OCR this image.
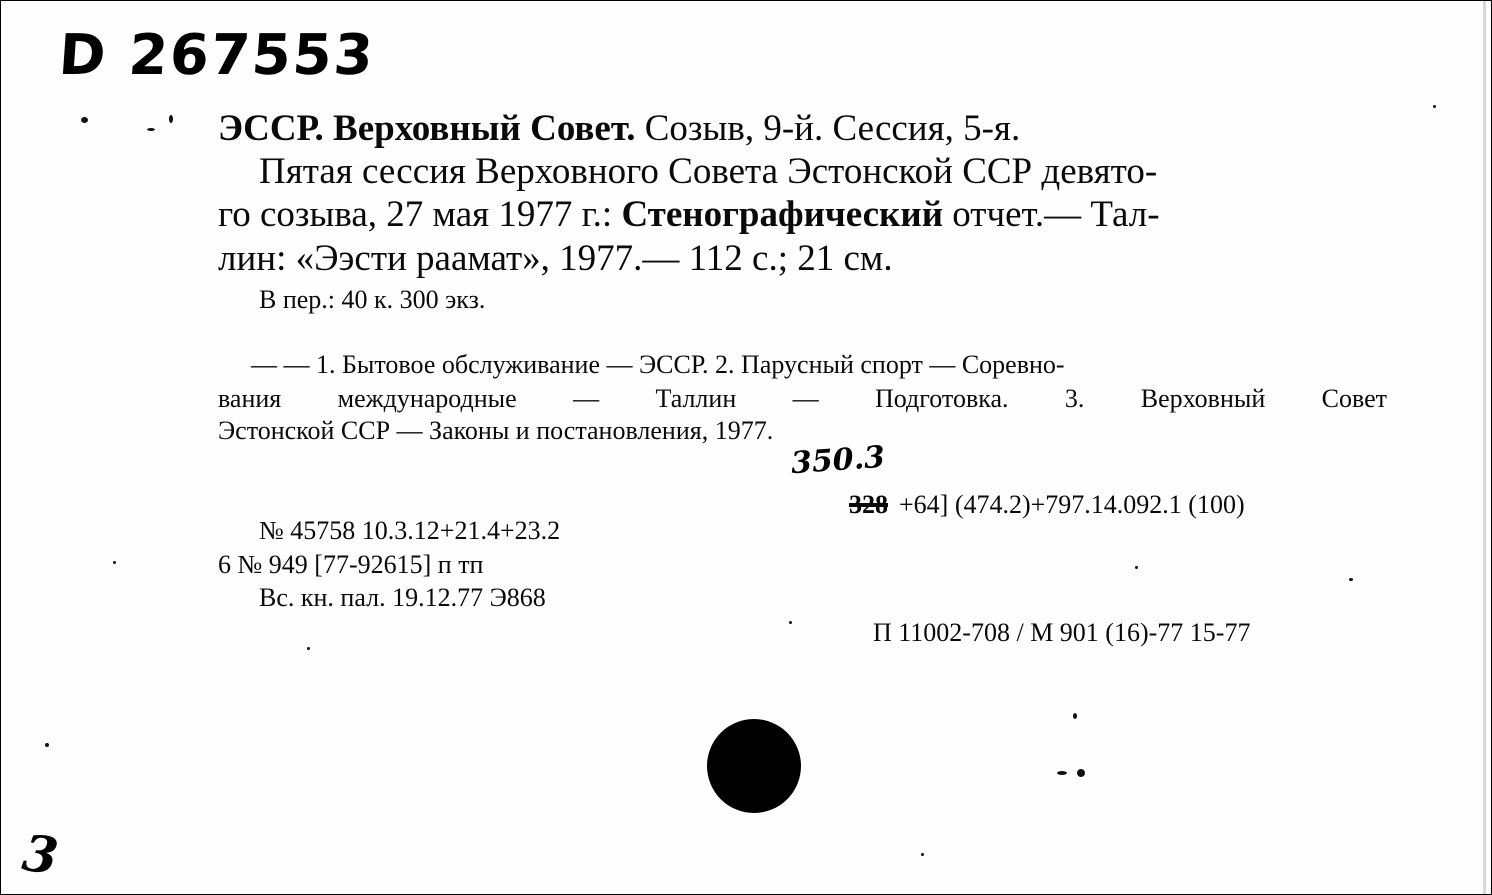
D 267553
ЭССР. Верховный Совет. Созыв, 9-й. Сессия, 5-я.
Пятая сессия Верховного Совета Эстонской ССР девято-
го созыва, 27 мая 1977 г.: Стенографический отчет.— Тал-
лин: «Ээсти раамат», 1977.— 112 с.; 21 см.
В пер.: 40 к. 300 экз.
— — 1. Бытовое обслуживание — ЭССР. 2. Парусный спорт — Соревно-
вания международные — Таллин — Подготовка. 3. Верховный Совет
Эстонской ССР — Законы и постановления, 1977.
350.3
328 +64] (474.2)+797.14.092.1 (100)
№ 45758 10.3.12+21.4+23.2
6 № 949 [77-92615] п тп
Вс. кн. пал. 19.12.77 Э868
П 11002-708 / М 901 (16)-77 15-77
3
